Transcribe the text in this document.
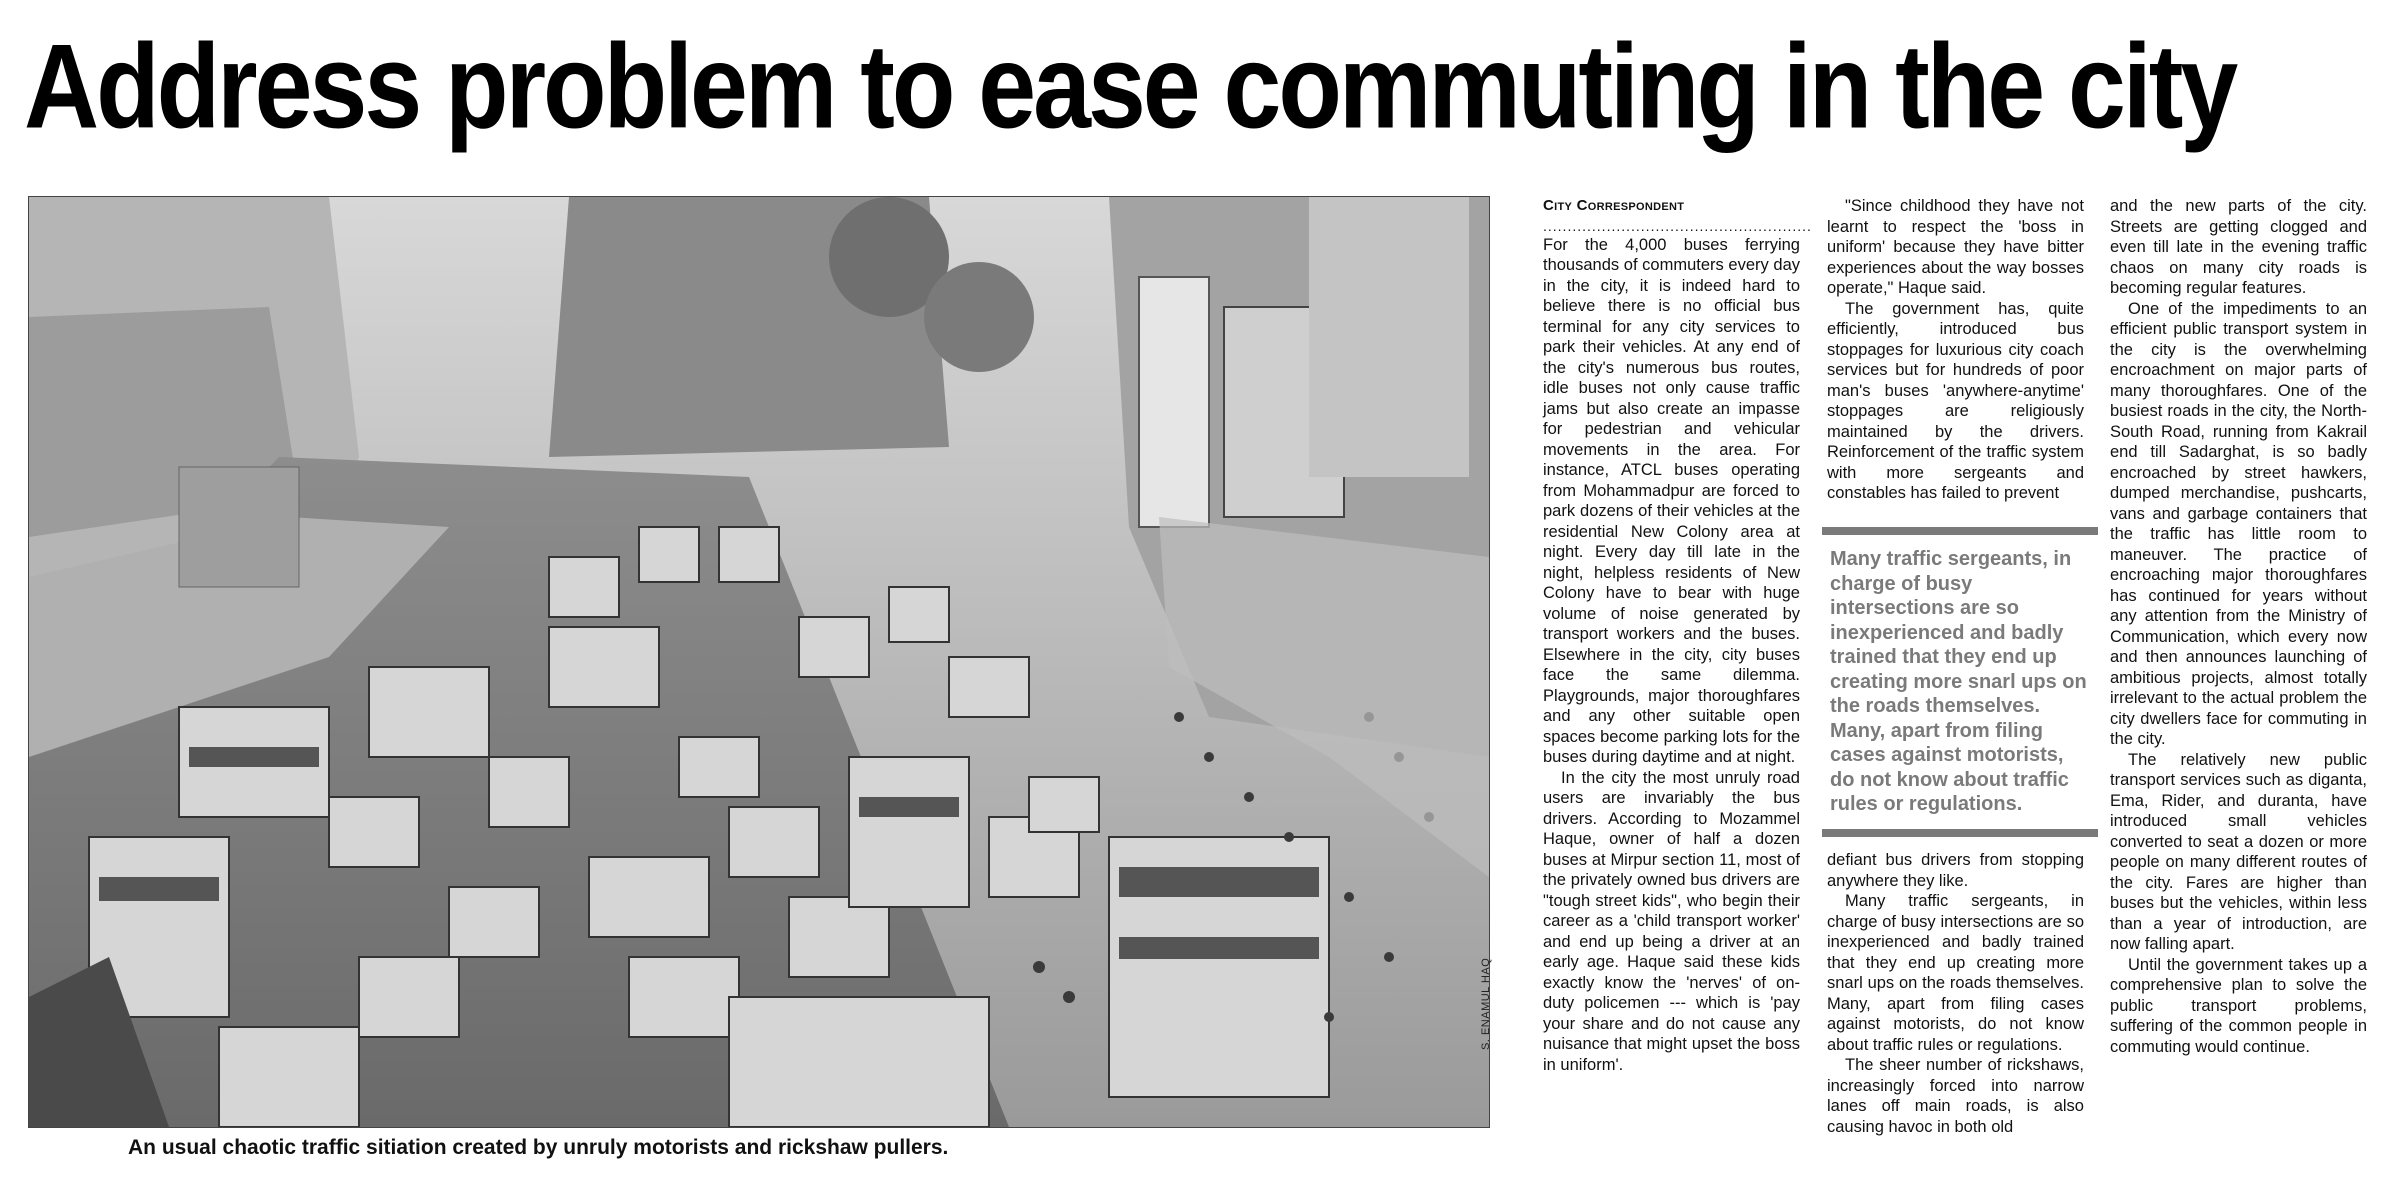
Address problem to ease commuting in the city
S. ENAMUL HAQ

An usual chaotic traffic sitiation created by unruly motorists and rickshaw pullers.

City Correspondent

.......................................................

For the 4,000 buses ferrying thousands of commuters every day in the city, it is indeed hard to believe there is no official bus terminal for any city services to park their vehicles. At any end of the city's numerous bus routes, idle buses not only cause traffic jams but also create an impasse for pedestrian and vehicular movements in the area. For instance, ATCL buses operating from Mohammadpur are forced to park dozens of their vehicles at the residential New Colony area at night. Every day till late in the night, helpless residents of New Colony have to bear with huge volume of noise generated by transport workers and the buses. Elsewhere in the city, city buses face the same dilemma. Playgrounds, major thoroughfares and any other suitable open spaces become parking lots for the buses during daytime and at night.

In the city the most unruly road users are invariably the bus drivers. According to Mozammel Haque, owner of half a dozen buses at Mirpur section 11, most of the privately owned bus drivers are "tough street kids", who begin their career as a 'child transport worker' and end up being a driver at an early age. Haque said these kids exactly know the 'nerves' of on-duty policemen --- which is 'pay your share and do not cause any nuisance that might upset the boss in uniform'.

"Since childhood they have not learnt to respect the 'boss in uniform' because they have bitter experiences about the way bosses operate," Haque said.

The government has, quite efficiently, introduced bus stoppages for luxurious city coach services but for hundreds of poor man's buses 'anywhere-anytime' stoppages are religiously maintained by the drivers. Reinforcement of the traffic system with more sergeants and constables has failed to prevent

Many traffic sergeants, in charge of busy intersections are so inexperienced and badly trained that they end up creating more snarl ups on the roads themselves. Many, apart from filing cases against motorists, do not know about traffic rules or regulations.

defiant bus drivers from stopping anywhere they like.

Many traffic sergeants, in charge of busy intersections are so inexperienced and badly trained that they end up creating more snarl ups on the roads themselves. Many, apart from filing cases against motorists, do not know about traffic rules or regulations.

The sheer number of rickshaws, increasingly forced into narrow lanes off main roads, is also causing havoc in both old

and the new parts of the city. Streets are getting clogged and even till late in the evening traffic chaos on many city roads is becoming regular features.

One of the impediments to an efficient public transport system in the city is the overwhelming encroachment on major parts of many thoroughfares. One of the busiest roads in the city, the North-South Road, running from Kakrail end till Sadarghat, is so badly encroached by street hawkers, dumped merchandise, pushcarts, vans and garbage containers that the traffic has little room to maneuver. The practice of encroaching major thoroughfares has continued for years without any attention from the Ministry of Communication, which every now and then announces launching of ambitious projects, almost totally irrelevant to the actual problem the city dwellers face for commuting in the city.

The relatively new public transport services such as diganta, Ema, Rider, and duranta, have introduced small vehicles converted to seat a dozen or more people on many different routes of the city. Fares are higher than buses but the vehicles, within less than a year of introduction, are now falling apart.

Until the government takes up a comprehensive plan to solve the public transport problems, suffering of the common people in commuting would continue.
